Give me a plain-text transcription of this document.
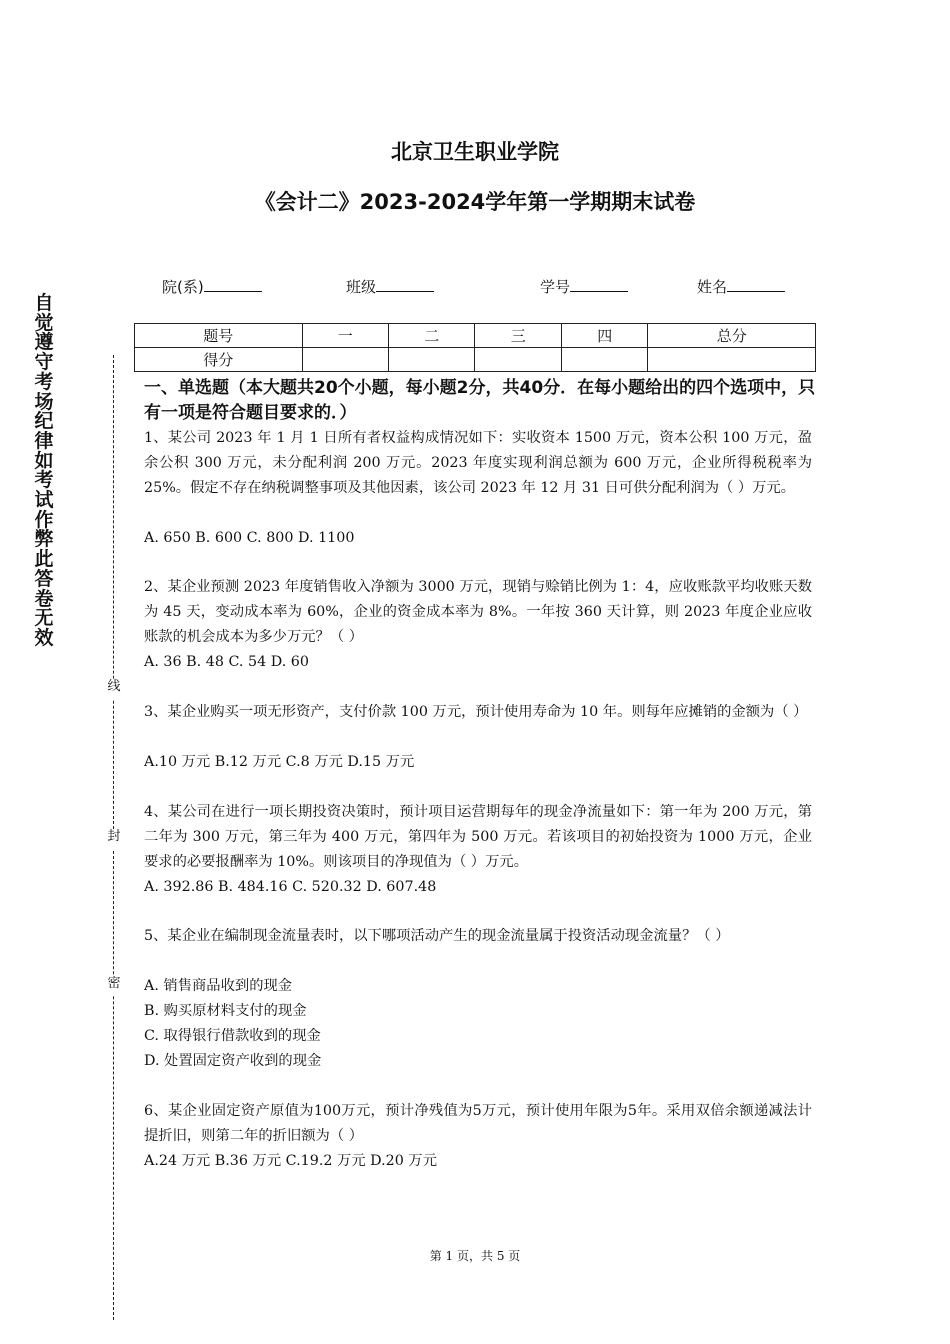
北京卫生职业学院
《会计二》2023-2024学年第一学期期末试卷
院(系)	班级	学号	姓名
题号	一	二	三	四	总分
得分					
自觉遵守考场纪律如考试作弊此答卷无效
线
封
密
一、单选题（本大题共20个小题，每小题2分，共40分．在每小题给出的四个选项中，只有一项是符合题目要求的．）
1、某公司 2023 年 1 月 1 日所有者权益构成情况如下：实收资本 1500 万元，资本公积 100 万元，盈余公积 300 万元，未分配利润 200 万元。2023 年度实现利润总额为 600 万元，企业所得税税率为 25%。假定不存在纳税调整事项及其他因素，该公司 2023 年 12 月 31 日可供分配利润为（ ）万元。
A. 650 B. 600 C. 800 D. 1100
2、某企业预测 2023 年度销售收入净额为 3000 万元，现销与赊销比例为 1：4，应收账款平均收账天数为 45 天，变动成本率为 60%，企业的资金成本率为 8%。一年按 360 天计算，则 2023 年度企业应收账款的机会成本为多少万元？（ ）
A. 36 B. 48 C. 54 D. 60
3、某企业购买一项无形资产，支付价款 100 万元，预计使用寿命为 10 年。则每年应摊销的金额为（ ）
A.10 万元 B.12 万元 C.8 万元 D.15 万元
4、某公司在进行一项长期投资决策时，预计项目运营期每年的现金净流量如下：第一年为 200 万元，第二年为 300 万元，第三年为 400 万元，第四年为 500 万元。若该项目的初始投资为 1000 万元，企业要求的必要报酬率为 10%。则该项目的净现值为（ ）万元。
A. 392.86 B. 484.16 C. 520.32 D. 607.48
5、某企业在编制现金流量表时，以下哪项活动产生的现金流量属于投资活动现金流量？（ ）
A. 销售商品收到的现金
B. 购买原材料支付的现金
C. 取得银行借款收到的现金
D. 处置固定资产收到的现金
6、某企业固定资产原值为100万元，预计净残值为5万元，预计使用年限为5年。采用双倍余额递减法计提折旧，则第二年的折旧额为（ ）
A.24 万元 B.36 万元 C.19.2 万元 D.20 万元
第 1 页，共 5 页
